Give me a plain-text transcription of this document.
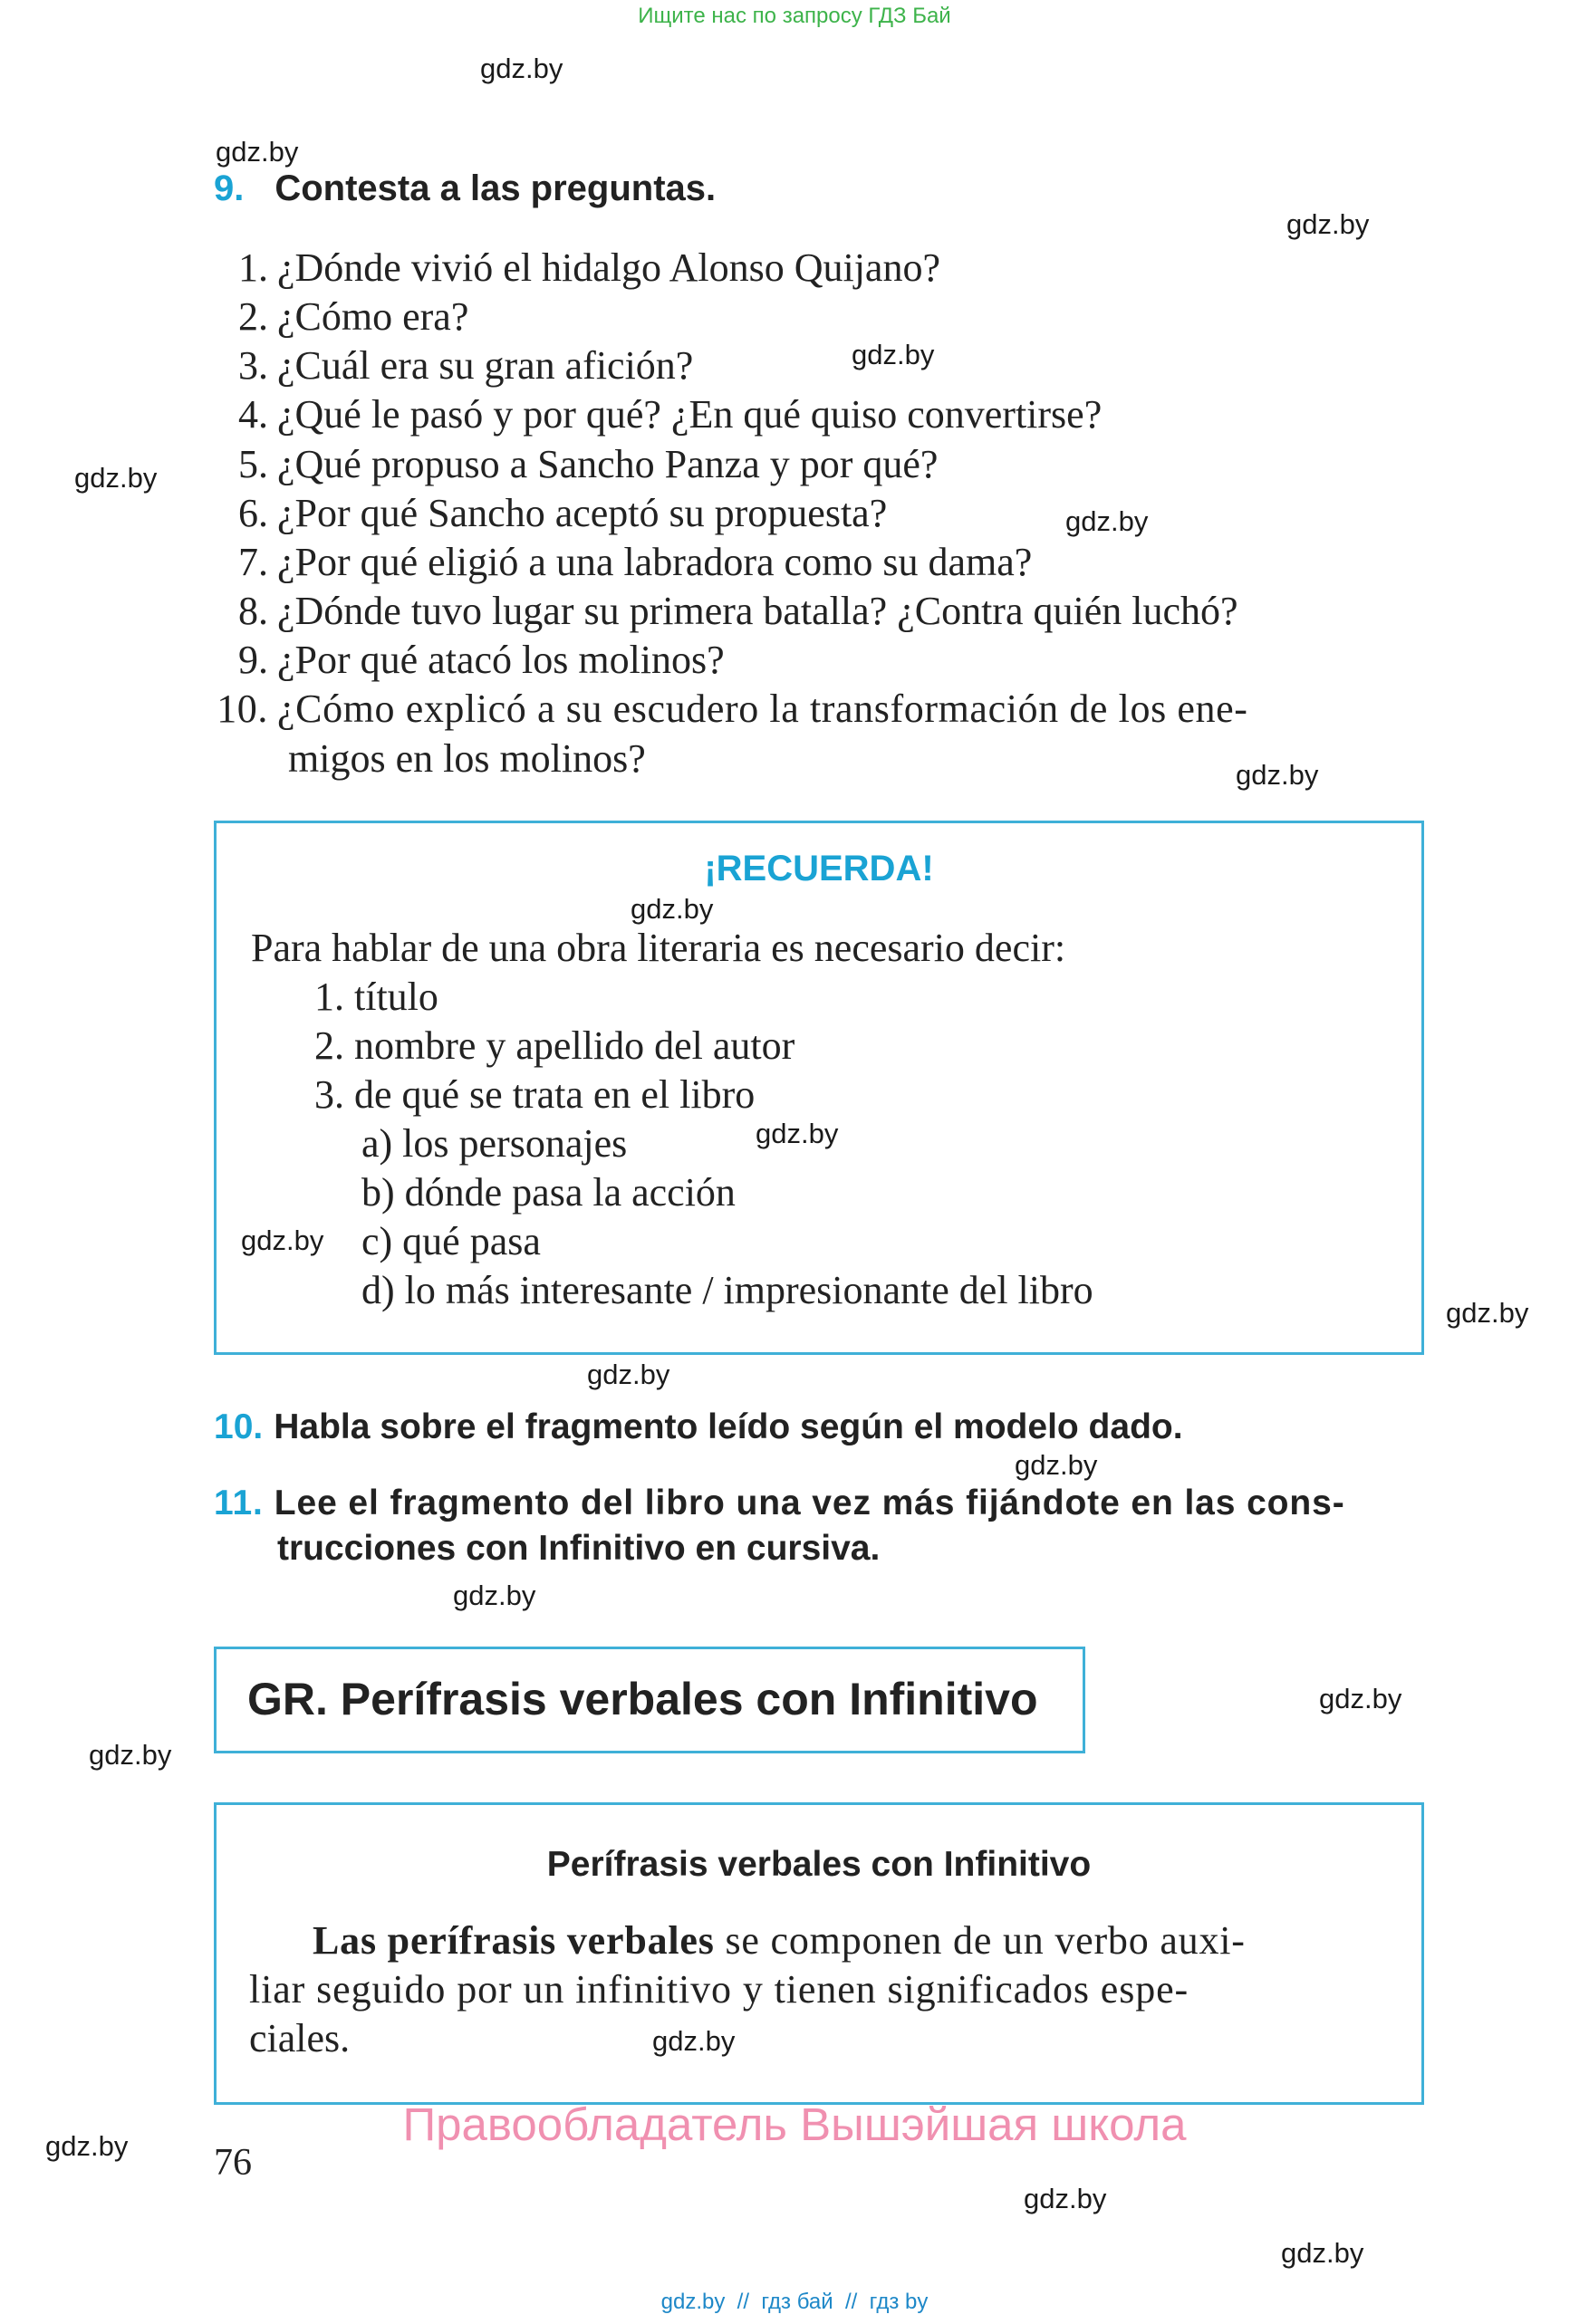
Ищите нас по запросу ГДЗ Бай
gdz.by
gdz.by
gdz.by
gdz.by
gdz.by
gdz.by
gdz.by
gdz.by
gdz.by
gdz.by
gdz.by
gdz.by
gdz.by
gdz.by
gdz.by
gdz.by
gdz.by
gdz.by
gdz.by
gdz.by
9. Contesta a las preguntas.
1. ¿Dónde vivió el hidalgo Alonso Quijano?
2. ¿Cómo era?
3. ¿Cuál era su gran afición?
4. ¿Qué le pasó y por qué? ¿En qué quiso convertirse?
5. ¿Qué propuso a Sancho Panza y por qué?
6. ¿Por qué Sancho aceptó su propuesta?
7. ¿Por qué eligió a una labradora como su dama?
8. ¿Dónde tuvo lugar su primera batalla? ¿Contra quién luchó?
9. ¿Por qué atacó los molinos?
10. ¿Cómo explicó a su escudero la transformación de los ene-
migos en los molinos?
¡RECUERDA!
Para hablar de una obra literaria es necesario decir:
1. título
2. nombre y apellido del autor
3. de qué se trata en el libro
a) los personajes
b) dónde pasa la acción
c) qué pasa
d) lo más interesante / impresionante del libro
10. Habla sobre el fragmento leído según el modelo dado.
11. Lee el fragmento del libro una vez más fijándote en las cons-
trucciones con Infinitivo en cursiva.
GR. Perífrasis verbales con Infinitivo
Perífrasis verbales con Infinitivo
Las perífrasis verbales se componen de un verbo auxi-
liar seguido por un infinitivo y tienen significados espe-
ciales.
Правообладатель Вышэйшая школа
76
gdz.by  //  гдз бай  //  гдз by
